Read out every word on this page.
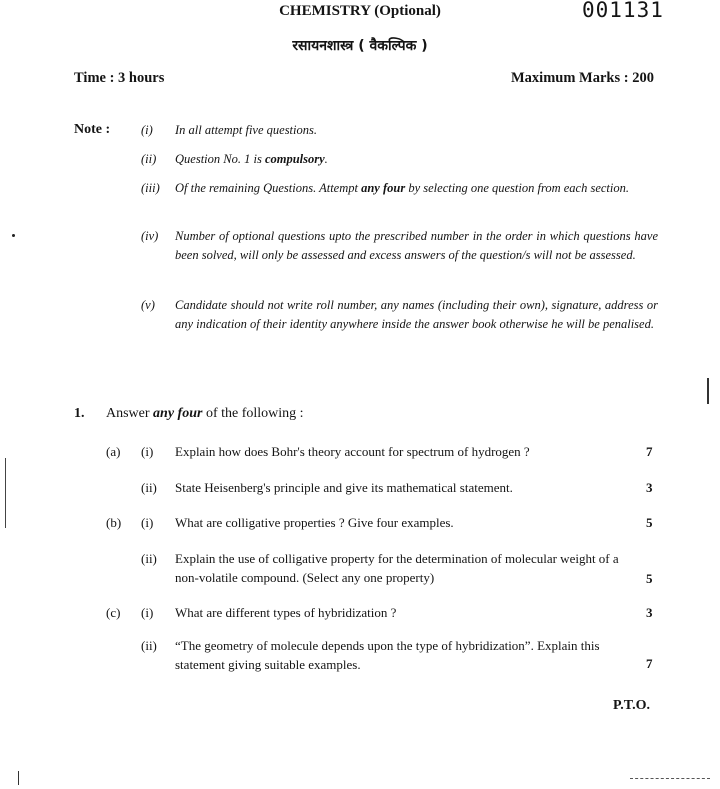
CHEMISTRY (Optional)	001131
रसायनशास्त्र ( वैकल्पिक )
Time : 3 hours	Maximum Marks : 200
Note : (i) In all attempt five questions.
(ii) Question No. 1 is compulsory.
(iii) Of the remaining Questions. Attempt any four by selecting one question from each section.
(iv) Number of optional questions upto the prescribed number in the order in which questions have been solved, will only be assessed and excess answers of the question/s will not be assessed.
(v) Candidate should not write roll number, any names (including their own), signature, address or any indication of their identity anywhere inside the answer book otherwise he will be penalised.
1. Answer any four of the following :
(a) (i) Explain how does Bohr's theory account for spectrum of hydrogen ?	7
(ii) State Heisenberg's principle and give its mathematical statement.	3
(b) (i) What are colligative properties ? Give four examples.	5
(ii) Explain the use of colligative property for the determination of molecular weight of a non-volatile compound. (Select any one property)	5
(c) (i) What are different types of hybridization ?	3
(ii) “The geometry of molecule depends upon the type of hybridization”. Explain this statement giving suitable examples.	7
P.T.O.
